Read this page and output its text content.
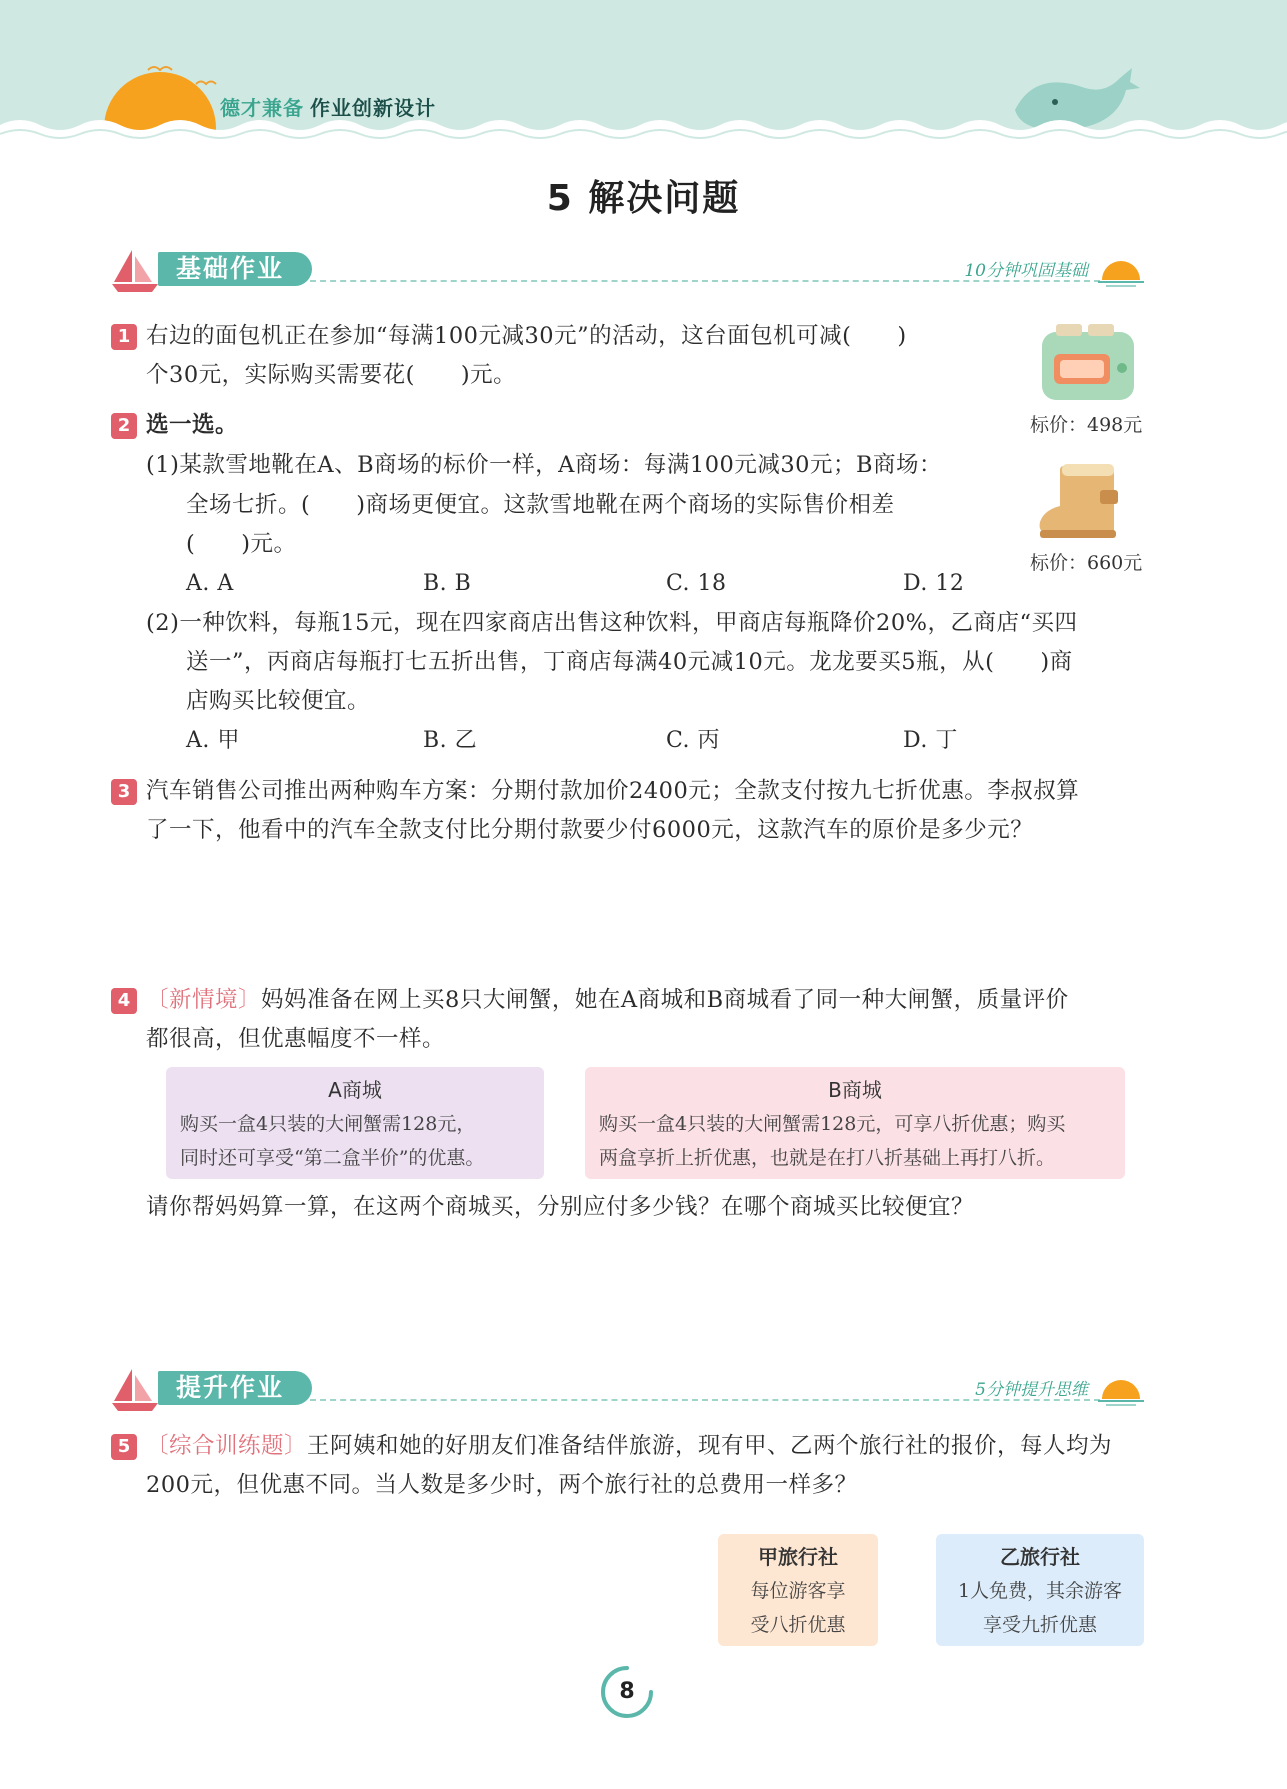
德才兼备 作业创新设计
5 解决问题
基础作业	10分钟巩固基础
1 右边的面包机正在参加“每满100元减30元”的活动，这台面包机可减(　　)
个30元，实际购买需要花(　　)元。
标价：498元
2 选一选。
(1)某款雪地靴在A、B商场的标价一样，A商场：每满100元减30元；B商场：
全场七折。(　　)商场更便宜。这款雪地靴在两个商场的实际售价相差
(　　)元。
A. A	B. B	C. 18	D. 12
标价：660元
(2)一种饮料，每瓶15元，现在四家商店出售这种饮料，甲商店每瓶降价20%，乙商店“买四
送一”，丙商店每瓶打七五折出售，丁商店每满40元减10元。龙龙要买5瓶，从(　　)商
店购买比较便宜。
A. 甲	B. 乙	C. 丙	D. 丁
3 汽车销售公司推出两种购车方案：分期付款加价2400元；全款支付按九七折优惠。李叔叔算
了一下，他看中的汽车全款支付比分期付款要少付6000元，这款汽车的原价是多少元？
4 〔新情境〕妈妈准备在网上买8只大闸蟹，她在A商城和B商城看了同一种大闸蟹，质量评价
都很高，但优惠幅度不一样。
A商城
购买一盒4只装的大闸蟹需128元，
同时还可享受“第二盒半价”的优惠。
B商城
购买一盒4只装的大闸蟹需128元，可享八折优惠；购买
两盒享折上折优惠，也就是在打八折基础上再打八折。
请你帮妈妈算一算，在这两个商城买，分别应付多少钱？在哪个商城买比较便宜？
提升作业	5分钟提升思维
5 〔综合训练题〕王阿姨和她的好朋友们准备结伴旅游，现有甲、乙两个旅行社的报价，每人均为
200元，但优惠不同。当人数是多少时，两个旅行社的总费用一样多？
甲旅行社
每位游客享
受八折优惠
乙旅行社
1人免费，其余游客
享受九折优惠
8
